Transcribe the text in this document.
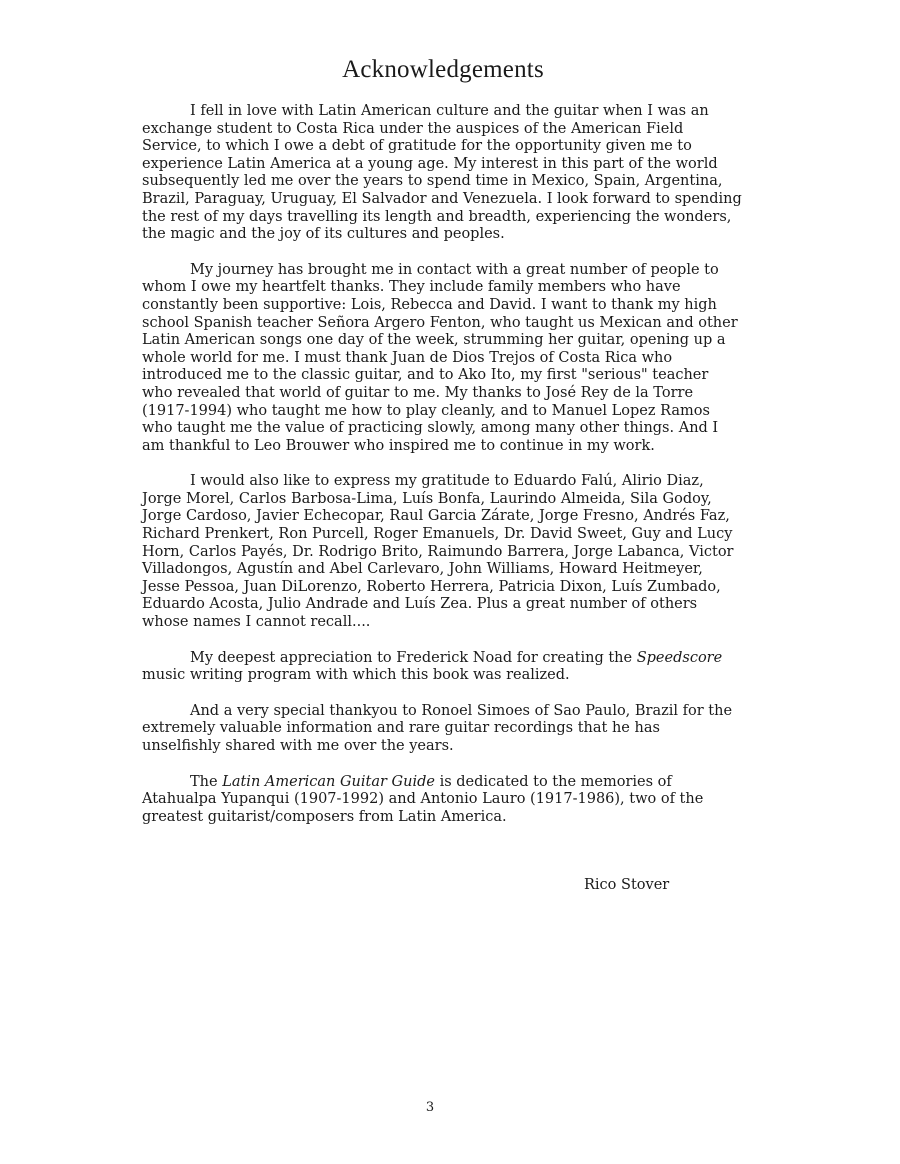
Acknowledgements

I fell in love with Latin American culture and the guitar when I was an exchange student to Costa Rica under the auspices of the American Field Service, to which I owe a debt of gratitude for the opportunity given me to experience Latin America at a young age. My interest in this part of the world subsequently led me over the years to spend time in Mexico, Spain, Argentina, Brazil, Paraguay, Uruguay, El Salvador and Venezuela. I look forward to spending the rest of my days travelling its length and breadth, experiencing the wonders, the magic and the joy of its cultures and peoples.

My journey has brought me in contact with a great number of people to whom I owe my heartfelt thanks. They include family members who have constantly been supportive: Lois, Rebecca and David. I want to thank my high school Spanish teacher Señora Argero Fenton, who taught us Mexican and other Latin American songs one day of the week, strumming her guitar, opening up a whole world for me. I must thank Juan de Dios Trejos of Costa Rica who introduced me to the classic guitar, and to Ako Ito, my first "serious" teacher who revealed that world of guitar to me. My thanks to José Rey de la Torre (1917-1994) who taught me how to play cleanly, and to Manuel Lopez Ramos who taught me the value of practicing slowly, among many other things. And I am thankful to Leo Brouwer who inspired me to continue in my work.

I would also like to express my gratitude to Eduardo Falú, Alirio Diaz, Jorge Morel, Carlos Barbosa-Lima, Luís Bonfa, Laurindo Almeida, Sila Godoy, Jorge Cardoso, Javier Echecopar, Raul Garcia Zárate, Jorge Fresno, Andrés Faz, Richard Prenkert, Ron Purcell, Roger Emanuels, Dr. David Sweet, Guy and Lucy Horn, Carlos Payés, Dr. Rodrigo Brito, Raimundo Barrera, Jorge Labanca, Victor Villadongos, Agustín and Abel Carlevaro, John Williams, Howard Heitmeyer, Jesse Pessoa, Juan DiLorenzo, Roberto Herrera, Patricia Dixon, Luís Zumbado, Eduardo Acosta, Julio Andrade and Luís Zea. Plus a great number of others whose names I cannot recall....

My deepest appreciation to Frederick Noad for creating the Speedscore music writing program with which this book was realized.

And a very special thankyou to Ronoel Simoes of Sao Paulo, Brazil for the extremely valuable information and rare guitar recordings that he has unselfishly shared with me over the years.

The Latin American Guitar Guide is dedicated to the memories of Atahualpa Yupanqui (1907-1992) and Antonio Lauro (1917-1986), two of the greatest guitarist/composers from Latin America.

Rico Stover

3
